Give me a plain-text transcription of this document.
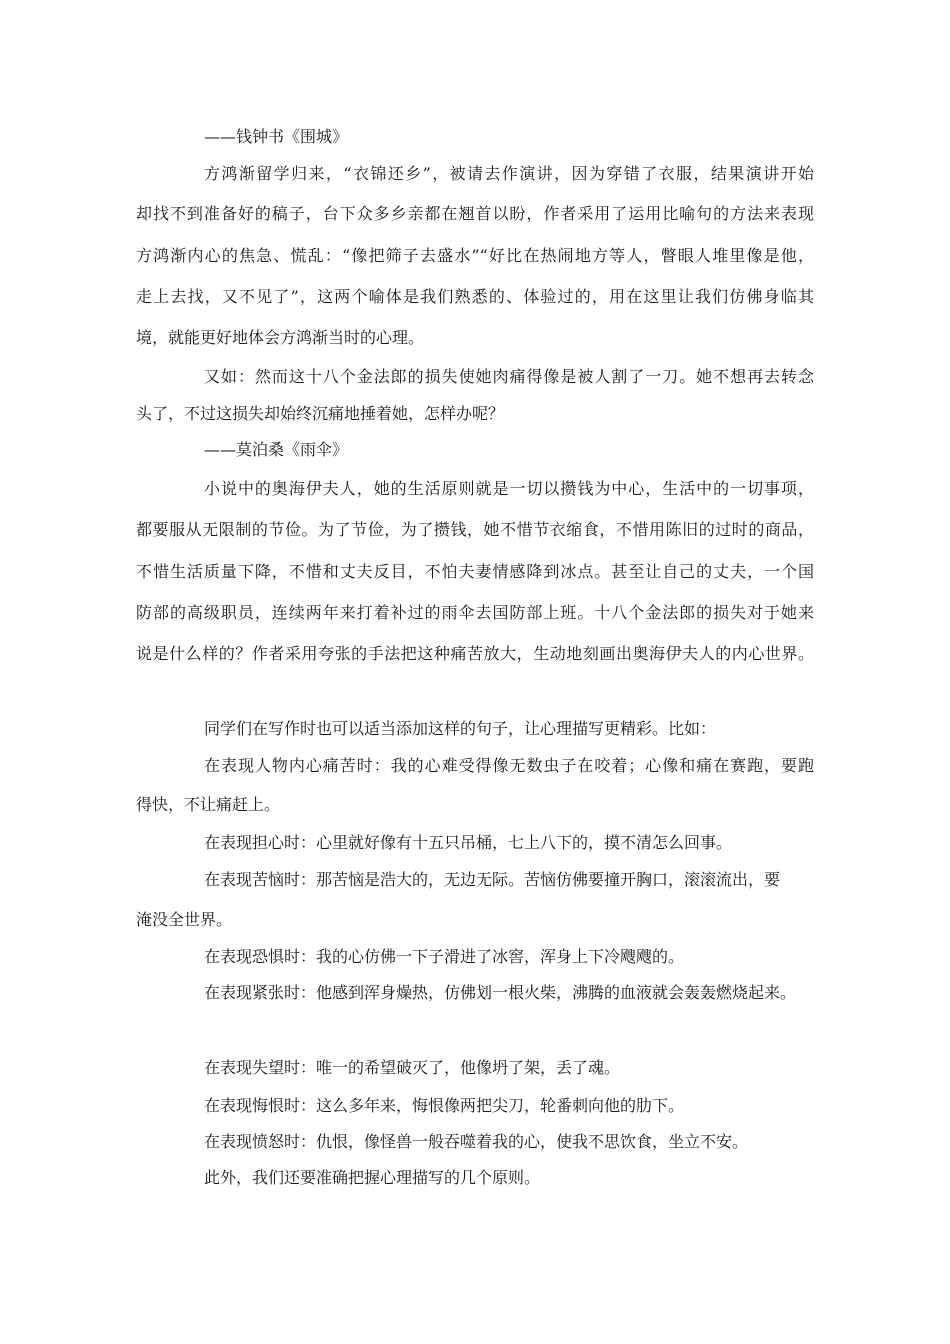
——钱钟书《围城》
方鸿渐留学归来，“衣锦还乡”，被请去作演讲，因为穿错了衣服，结果演讲开始
却找不到准备好的稿子，台下众多乡亲都在翘首以盼，作者采用了运用比喻句的方法来表现
方鸿渐内心的焦急、慌乱：“像把筛子去盛水”“好比在热闹地方等人，瞥眼人堆里像是他，
走上去找，又不见了”，这两个喻体是我们熟悉的、体验过的，用在这里让我们仿佛身临其
境，就能更好地体会方鸿渐当时的心理。
又如：然而这十八个金法郎的损失使她肉痛得像是被人割了一刀。她不想再去转念
头了，不过这损失却始终沉痛地捶着她，怎样办呢？
——莫泊桑《雨伞》
小说中的奥海伊夫人，她的生活原则就是一切以攒钱为中心，生活中的一切事项，
都要服从无限制的节俭。为了节俭，为了攒钱，她不惜节衣缩食，不惜用陈旧的过时的商品，
不惜生活质量下降，不惜和丈夫反目，不怕夫妻情感降到冰点。甚至让自己的丈夫，一个国
防部的高级职员，连续两年来打着补过的雨伞去国防部上班。十八个金法郎的损失对于她来
说是什么样的？作者采用夸张的手法把这种痛苦放大，生动地刻画出奥海伊夫人的内心世界。
同学们在写作时也可以适当添加这样的句子，让心理描写更精彩。比如：
在表现人物内心痛苦时：我的心难受得像无数虫子在咬着；心像和痛在赛跑，要跑
得快，不让痛赶上。
在表现担心时：心里就好像有十五只吊桶，七上八下的，摸不清怎么回事。
在表现苦恼时：那苦恼是浩大的，无边无际。苦恼仿佛要撞开胸口，滚滚流出，要
淹没全世界。
在表现恐惧时：我的心仿佛一下子滑进了冰窖，浑身上下冷飕飕的。
在表现紧张时：他感到浑身燥热，仿佛划一根火柴，沸腾的血液就会轰轰燃烧起来。
在表现失望时：唯一的希望破灭了，他像坍了架，丢了魂。
在表现悔恨时：这么多年来，悔恨像两把尖刀，轮番刺向他的肋下。
在表现愤怒时：仇恨，像怪兽一般吞噬着我的心，使我不思饮食，坐立不安。
此外，我们还要准确把握心理描写的几个原则。
